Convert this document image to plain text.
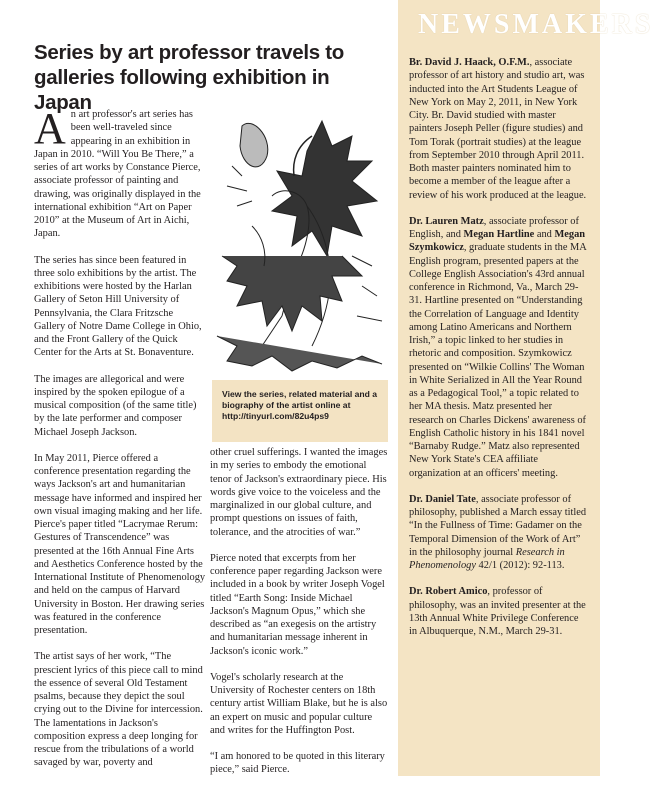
Series by art professor travels to galleries following exhibition in Japan

An art professor's art series has been well-traveled since appearing in an exhibition in Japan in 2010. “Will You Be There,” a series of art works by Constance Pierce, associate professor of painting and drawing, was originally displayed in the international exhibition “Art on Paper 2010” at the Museum of Art in Aichi, Japan.

The series has since been featured in three solo exhibitions by the artist. The exhibitions were hosted by the Harlan Gallery of Seton Hill University of Pennsylvania, the Clara Fritzsche Gallery of Notre Dame College in Ohio, and the Front Gallery of the Quick Center for the Arts at St. Bonaventure.

The images are allegorical and were inspired by the spoken epilogue of a musical composition (of the same title) by the late performer and composer Michael Joseph Jackson.

In May 2011, Pierce offered a conference presentation regarding the ways Jackson's art and humanitarian message have informed and inspired her own visual imaging making and her life. Pierce's paper titled “Lacrymae Rerum: Gestures of Transcendence” was presented at the 16th Annual Fine Arts and Aesthetics Conference hosted by the International Institute of Phenomenology and held on the campus of Harvard University in Boston. Her drawing series was featured in the conference presentation.

The artist says of her work, “The prescient lyrics of this piece call to mind the essence of several Old Testament psalms, because they depict the soul crying out to the Divine for intercession. The lamentations in Jackson's composition express a deep longing for rescue from the tribulations of a world savaged by war, poverty and

View the series, related material and a biography of the artist online at http://tinyurl.com/82u4ps9

other cruel sufferings. I wanted the images in my series to embody the emotional tenor of Jackson's extraordinary piece. His words give voice to the voiceless and the marginalized in our global culture, and prompt questions on issues of faith, tolerance, and the atrocities of war.”

Pierce noted that excerpts from her conference paper regarding Jackson were included in a book by writer Joseph Vogel titled “Earth Song: Inside Michael Jackson's Magnum Opus,” which she described as “an exegesis on the artistry and humanitarian message inherent in Jackson's iconic work.”

Vogel's scholarly research at the University of Rochester centers on 18th century artist William Blake, but he is also an expert on music and popular culture and writes for the Huffington Post.

“I am honored to be quoted in this literary piece,” said Pierce.

NEWSMAKERS

Br. David J. Haack, O.F.M., associate professor of art history and studio art, was inducted into the Art Students League of New York on May 2, 2011, in New York City. Br. David studied with master painters Joseph Peller (figure studies) and Tom Torak (portrait studies) at the league from September 2010 through April 2011. Both master painters nominated him to become a member of the league after a review of his work produced at the league.

Dr. Lauren Matz, associate professor of English, and Megan Hartline and Megan Szymkowicz, graduate students in the MA English program, presented papers at the College English Association's 43rd annual conference in Richmond, Va., March 29-31. Hartline presented on “Understanding the Correlation of Language and Identity among Latino Americans and Northern Irish,” a topic linked to her studies in rhetoric and composition. Szymkowicz presented on “Wilkie Collins' The Woman in White Serialized in All the Year Round as a Pedagogical Tool,” a topic related to her MA thesis. Matz presented her research on Charles Dickens' awareness of English Catholic history in his 1841 novel “Barnaby Rudge.” Matz also represented New York State's CEA affiliate organization at an officers' meeting.

Dr. Daniel Tate, associate professor of philosophy, published a March essay titled “In the Fullness of Time: Gadamer on the Temporal Dimension of the Work of Art” in the philosophy journal Research in Phenomenology 42/1 (2012): 92-113.

Dr. Robert Amico, professor of philosophy, was an invited presenter at the 13th Annual White Privilege Conference in Albuquerque, N.M., March 29-31.
